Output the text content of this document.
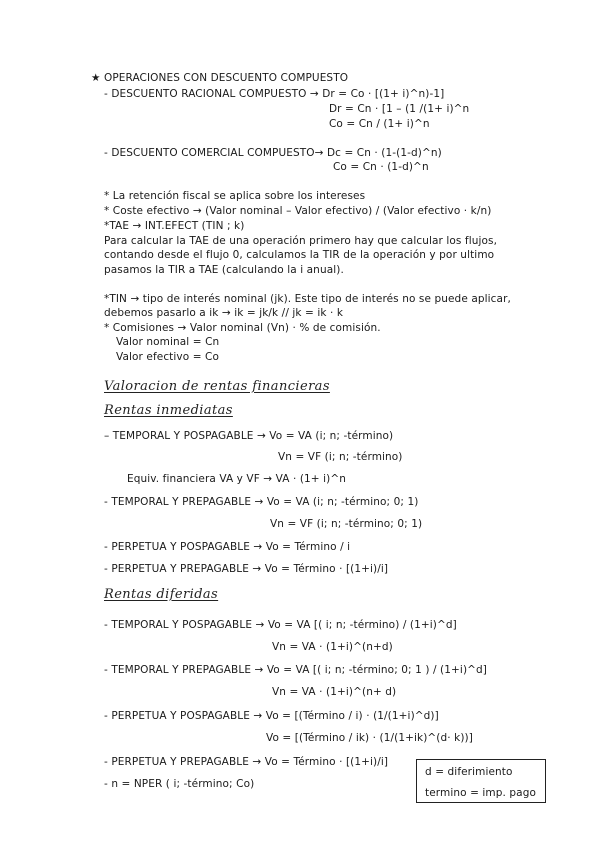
★ OPERACIONES CON DESCUENTO COMPUESTO
- DESCUENTO RACIONAL COMPUESTO → Dr = Co · [(1+ i)^n)-1]
Dr = Cn · [1 – (1 /(1+ i)^n
Co = Cn / (1+ i)^n
- DESCUENTO COMERCIAL COMPUESTO→ Dc = Cn · (1-(1-d)^n)
Co = Cn · (1-d)^n
* La retención fiscal se aplica sobre los intereses
* Coste efectivo → (Valor nominal – Valor efectivo) / (Valor efectivo · k/n)
*TAE → INT.EFECT (TIN ; k)
Para calcular la TAE de una operación primero hay que calcular los flujos,
contando desde el flujo 0, calculamos la TIR de la operación y por ultimo
pasamos la TIR a TAE (calculando la i anual).
*TIN → tipo de interés nominal (jk). Este tipo de interés no se puede aplicar,
debemos pasarlo a ik → ik = jk/k // jk = ik · k
* Comisiones → Valor nominal (Vn) · % de comisión.
Valor nominal = Cn
Valor efectivo = Co
Valoracion de rentas financieras
Rentas inmediatas
– TEMPORAL Y POSPAGABLE → Vo = VA (i; n; -término)
Vn = VF (i; n; -término)
Equiv. financiera VA y VF → VA · (1+ i)^n
- TEMPORAL Y PREPAGABLE → Vo = VA (i; n; -término; 0; 1)
Vn = VF (i; n; -término; 0; 1)
- PERPETUA Y POSPAGABLE → Vo = Término / i
- PERPETUA Y PREPAGABLE → Vo = Término · [(1+i)/i]
Rentas diferidas
- TEMPORAL Y POSPAGABLE → Vo = VA [( i; n; -término) / (1+i)^d]
Vn = VA · (1+i)^(n+d)
- TEMPORAL Y PREPAGABLE → Vo = VA [( i; n; -término; 0; 1 ) / (1+i)^d]
Vn = VA · (1+i)^(n+ d)
- PERPETUA Y POSPAGABLE → Vo = [(Término / i) · (1/(1+i)^d)]
Vo = [(Término / ik) · (1/(1+ik)^(d· k))]
- PERPETUA Y PREPAGABLE → Vo = Término · [(1+i)/i]
- n = NPER ( i; -término; Co)
d = diferimiento
termino = imp. pago
